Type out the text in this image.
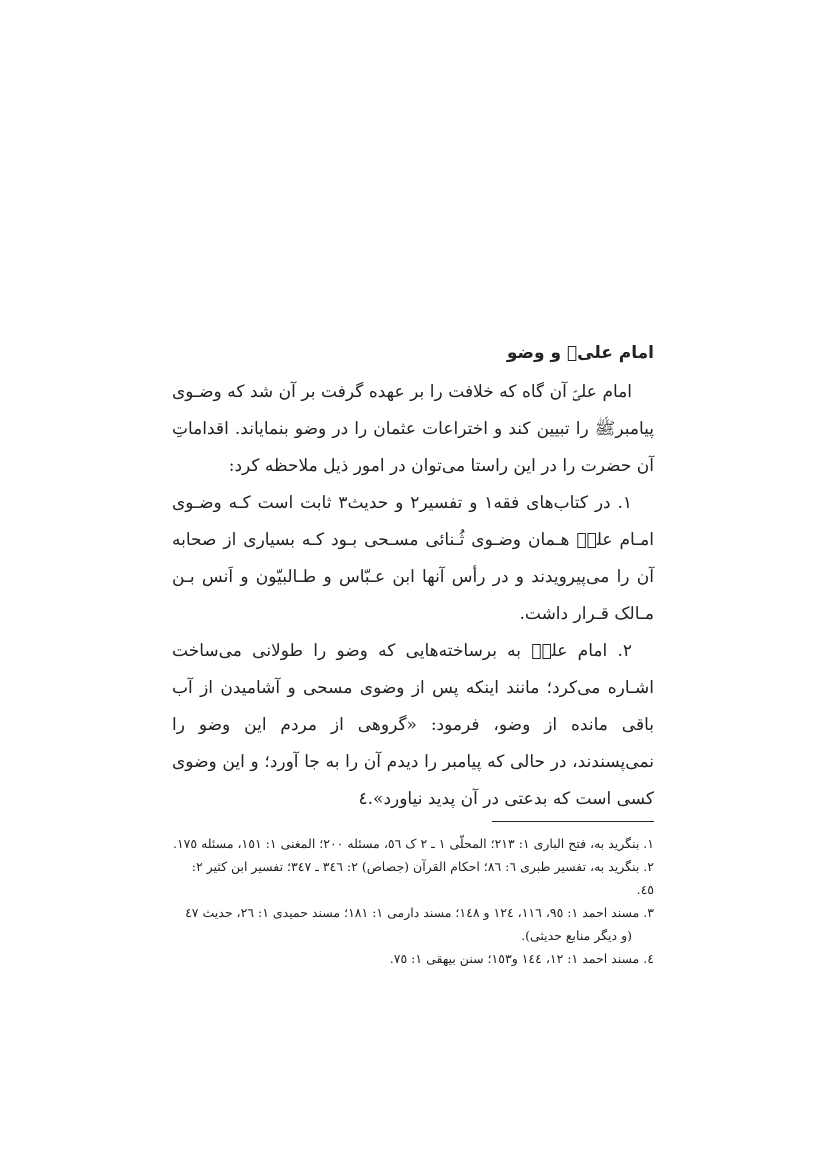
امام علیؑ و وضو

امام علیؑ آن گاه که خلافت را بر عهده گرفت بر آن شد که وضـوی پیامبرﷺ را تبیین کند و اختراعات عثمان را در وضو بنمایاند. اقداماتِ آن حضرت را در این راستا می‌توان در امور ذیل ملاحظه کرد:

١. در کتاب‌های فقه١ و تفسیر٢ و حدیث٣ ثابت است کـه وضـوی امـام علیؑ هـمان وضـوی ثُـنائی مسـحی بـود کـه بسیاری از صحابه آن را می‌پیرویدند و در رأس آنها ابن عـبّاس و طـالبیّون و اَنس بـن مـالک قـرار داشت.

٢. امام علیؑ به برساخته‌هایی که وضو را طولانی می‌ساخت اشـاره می‌کرد؛ مانند اینکه پس از وضوی مسحی و آشامیدن از آب باقی مانده از وضو، فرمود: «گروهی از مردم این وضو را نمی‌پسندند، در حالی که پیامبر را دیدم آن را به جا آورد؛ و این وضوی کسی است که بدعتی در آن پدید نیاورد».٤

١. بنگرید به، فتح الباری ١: ٢١٣؛ المحلّی ١ ـ ٢ ک ٥٦، مسئله ٢٠٠؛ المغنی ١: ١٥١، مسئله ١٧٥.

٢. بنگرید به، تفسیر طبری ٦: ٨٦؛ احکام القرآن (جصاص) ٢: ٣٤٦ ـ ٣٤٧؛ تفسیر ابن کثیر ٢: ٤٥.

٣. مسند احمد ١: ٩٥، ١١٦، ١٢٤ و ١٤٨؛ مسند دارمی ١: ١٨١؛ مسند حمیدی ١: ٢٦، حدیث ٤٧

(و دیگر منابع حدیثی).

٤. مسند احمد ١: ١٢، ١٤٤ و١٥٣؛ سنن بیهقی ١: ٧٥.
